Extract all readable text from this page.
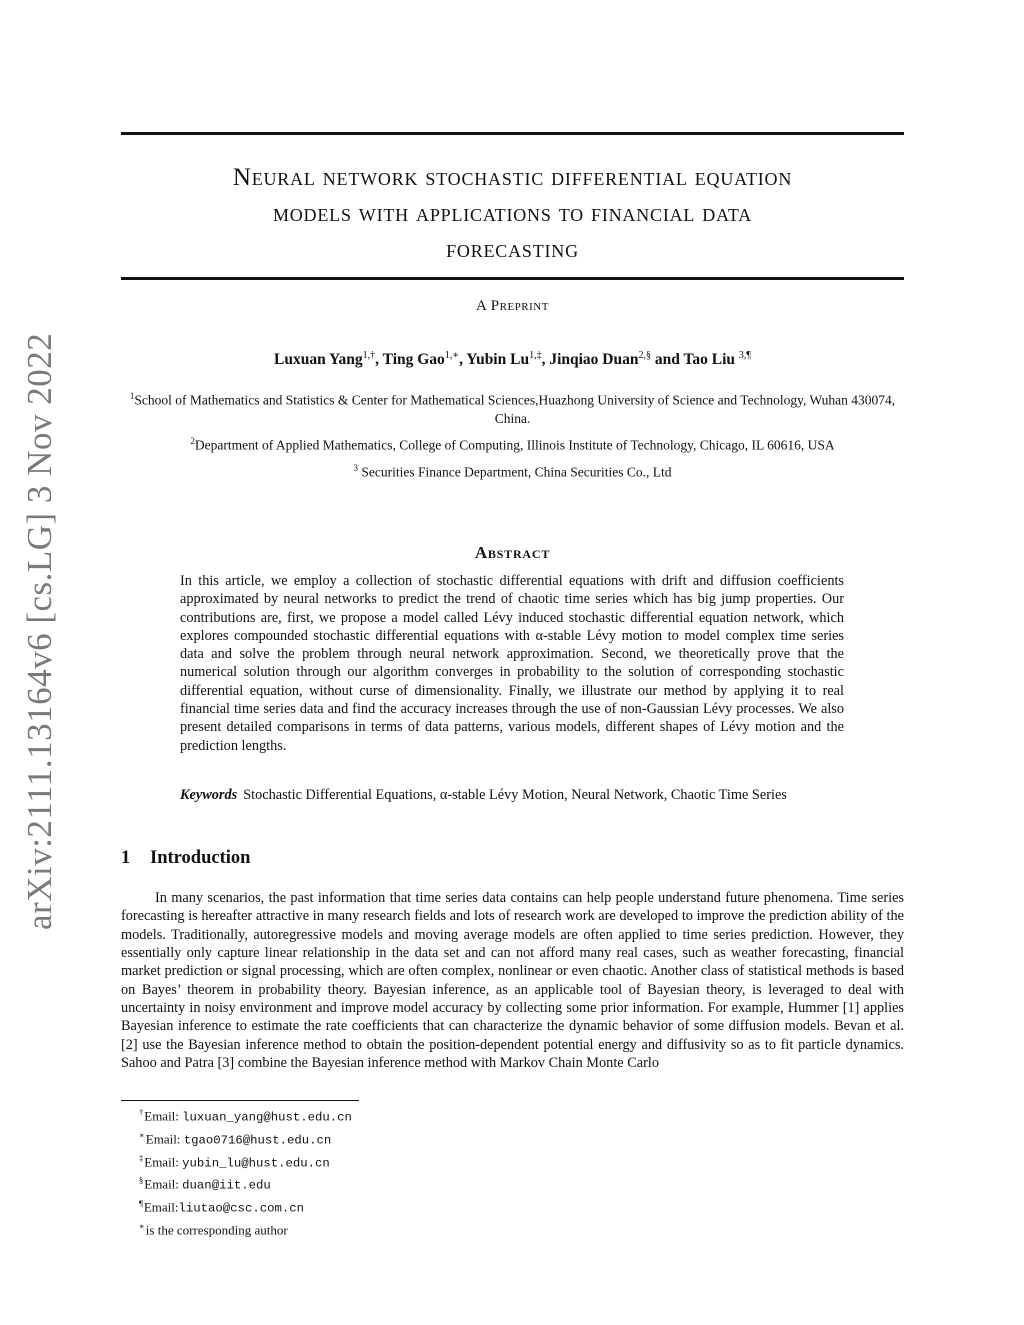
arXiv:2111.13164v6 [cs.LG] 3 Nov 2022
Neural network stochastic differential equation
models with applications to financial data
forecasting
A Preprint
Luxuan Yang$^{1,\dagger}$, Ting Gao$^{1,∗}$, Yubin $Lu^{1,\ddagger}$, Jinqiao Duan$^{2,\S}$ and Tao Liu $^{3,\P}$
$^1$School of Mathematics and Statistics & Center for Mathematical Sciences,Huazhong University of Science and Technology, Wuhan 430074, China.
$^2$Department of Applied Mathematics, College of Computing, Illinois Institute of Technology, Chicago, IL 60616, USA
$^3$ Securities Finance Department, China Securities Co., Ltd
Abstract
In this article, we employ a collection of stochastic differential equations with drift and diffusion coefficients approximated by neural networks to predict the trend of chaotic time series which has big jump properties. Our contributions are, first, we propose a model called Lévy induced stochastic differential equation network, which explores compounded stochastic differential equations with α-stable Lévy motion to model complex time series data and solve the problem through neural network approximation. Second, we theoretically prove that the numerical solution through our algorithm converges in probability to the solution of corresponding stochastic differential equation, without curse of dimensionality. Finally, we illustrate our method by applying it to real financial time series data and find the accuracy increases through the use of non-Gaussian Lévy processes. We also present detailed comparisons in terms of data patterns, various models, different shapes of Lévy motion and the prediction lengths.
Keywords Stochastic Differential Equations, α-stable Lévy Motion, Neural Network, Chaotic Time Series
1 Introduction

In many scenarios, the past information that time series data contains can help people understand future phenomena. Time series forecasting is hereafter attractive in many research fields and lots of research work are developed to improve the prediction ability of the models. Traditionally, autoregressive models and moving average models are often applied to time series prediction. However, they essentially only capture linear relationship in the data set and can not afford many real cases, such as weather forecasting, financial market prediction or signal processing, which are often complex, nonlinear or even chaotic. Another class of statistical methods is based on Bayes’ theorem in probability theory. Bayesian inference, as an applicable tool of Bayesian theory, is leveraged to deal with uncertainty in noisy environment and improve model accuracy by collecting some prior information. For example, Hummer [1] applies Bayesian inference to estimate the rate coefficients that can characterize the dynamic behavior of some diffusion models. Bevan et al. [2] use the Bayesian inference method to obtain the position-dependent potential energy and diffusivity so as to fit particle dynamics. Sahoo and Patra [3] combine the Bayesian inference method with Markov Chain Monte Carlo

†Email: luxuan_yang@hust.edu.cn
∗Email: tgao0716@hust.edu.cn
‡Email: yubin_lu@hust.edu.cn
§Email: duan@iit.edu
¶Email:liutao@csc.com.cn
∗is the corresponding author
